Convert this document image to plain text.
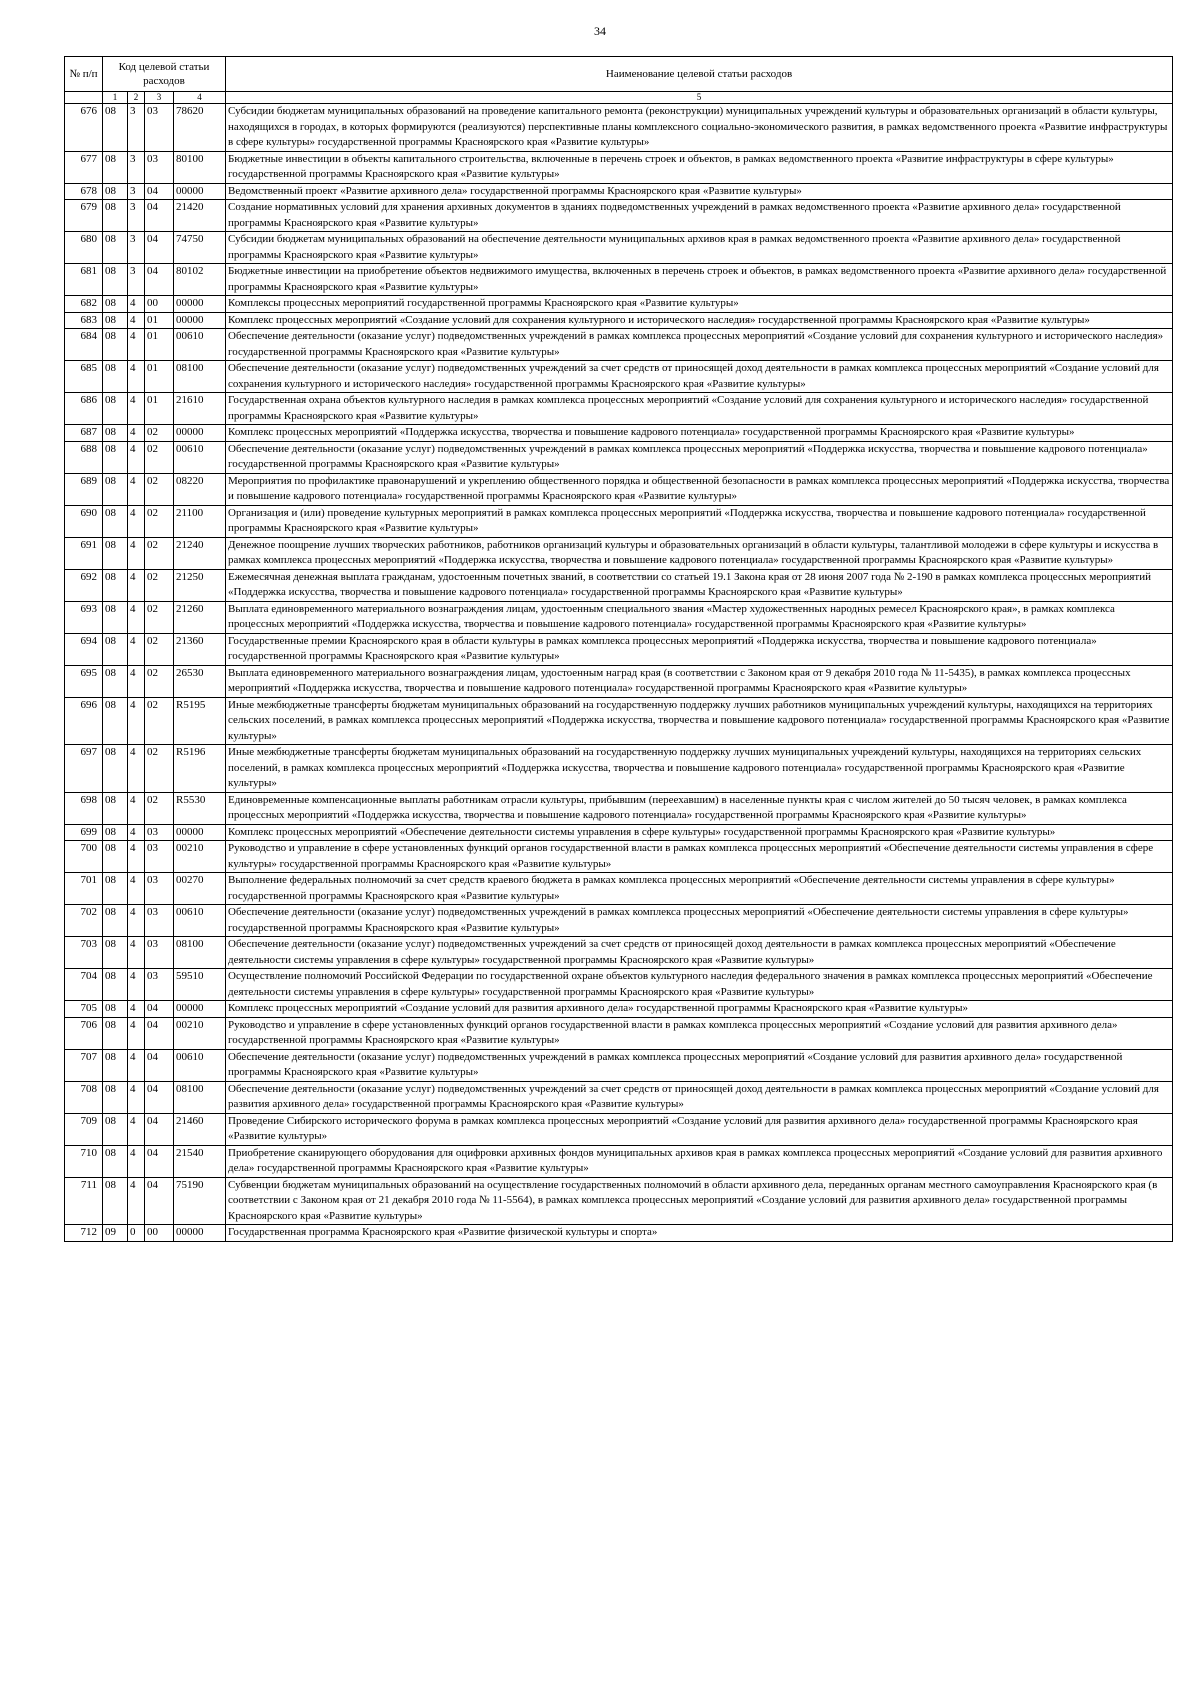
34
№ п/п	Код целевой статьи расходов				Наименование целевой статьи расходов
	1	2	3	4	5
676	08	3	03	78620	Субсидии бюджетам муниципальных образований на проведение капитального ремонта (реконструкции) муниципальных учреждений культуры и образовательных организаций в области культуры, находящихся в городах, в которых формируются (реализуются) перспективные планы комплексного социально-экономического развития, в рамках ведомственного проекта «Развитие инфраструктуры в сфере культуры» государственной программы Красноярского края «Развитие культуры»
677	08	3	03	80100	Бюджетные инвестиции в объекты капитального строительства, включенные в перечень строек и объектов, в рамках ведомственного проекта «Развитие инфраструктуры в сфере культуры» государственной программы Красноярского края «Развитие культуры»
678	08	3	04	00000	Ведомственный проект «Развитие архивного дела» государственной программы Красноярского края «Развитие культуры»
679	08	3	04	21420	Создание нормативных условий для хранения архивных документов в зданиях подведомственных учреждений в рамках ведомственного проекта «Развитие архивного дела» государственной программы Красноярского края «Развитие культуры»
680	08	3	04	74750	Субсидии бюджетам муниципальных образований на обеспечение деятельности муниципальных архивов края в рамках ведомственного проекта «Развитие архивного дела» государственной программы Красноярского края «Развитие культуры»
681	08	3	04	80102	Бюджетные инвестиции на приобретение объектов недвижимого имущества, включенных в перечень строек и объектов, в рамках ведомственного проекта «Развитие архивного дела» государственной программы Красноярского края «Развитие культуры»
682	08	4	00	00000	Комплексы процессных мероприятий государственной программы Красноярского края «Развитие культуры»
683	08	4	01	00000	Комплекс процессных мероприятий «Создание условий для сохранения культурного и исторического наследия» государственной программы Красноярского края «Развитие культуры»
684	08	4	01	00610	Обеспечение деятельности (оказание услуг) подведомственных учреждений в рамках комплекса процессных мероприятий «Создание условий для сохранения культурного и исторического наследия» государственной программы Красноярского края «Развитие культуры»
685	08	4	01	08100	Обеспечение деятельности (оказание услуг) подведомственных учреждений за счет средств от приносящей доход деятельности в рамках комплекса процессных мероприятий «Создание условий для сохранения культурного и исторического наследия» государственной программы Красноярского края «Развитие культуры»
686	08	4	01	21610	Государственная охрана объектов культурного наследия в рамках комплекса процессных мероприятий «Создание условий для сохранения культурного и исторического наследия» государственной программы Красноярского края «Развитие культуры»
687	08	4	02	00000	Комплекс процессных мероприятий «Поддержка искусства, творчества и повышение кадрового потенциала» государственной программы Красноярского края «Развитие культуры»
688	08	4	02	00610	Обеспечение деятельности (оказание услуг) подведомственных учреждений в рамках комплекса процессных мероприятий «Поддержка искусства, творчества и повышение кадрового потенциала» государственной программы Красноярского края «Развитие культуры»
689	08	4	02	08220	Мероприятия по профилактике правонарушений и укреплению общественного порядка и общественной безопасности в рамках комплекса процессных мероприятий «Поддержка искусства, творчества и повышение кадрового потенциала» государственной программы Красноярского края «Развитие культуры»
690	08	4	02	21100	Организация и (или) проведение культурных мероприятий в рамках комплекса процессных мероприятий «Поддержка искусства, творчества и повышение кадрового потенциала» государственной программы Красноярского края «Развитие культуры»
691	08	4	02	21240	Денежное поощрение лучших творческих работников, работников организаций культуры и образовательных организаций в области культуры, талантливой молодежи в сфере культуры и искусства в рамках комплекса процессных мероприятий «Поддержка искусства, творчества и повышение кадрового потенциала» государственной программы Красноярского края «Развитие культуры»
692	08	4	02	21250	Ежемесячная денежная выплата гражданам, удостоенным почетных званий, в соответствии со статьей 19.1 Закона края от 28 июня 2007 года № 2-190 в рамках комплекса процессных мероприятий «Поддержка искусства, творчества и повышение кадрового потенциала» государственной программы Красноярского края «Развитие культуры»
693	08	4	02	21260	Выплата единовременного материального вознаграждения лицам, удостоенным специального звания «Мастер художественных народных ремесел Красноярского края», в рамках комплекса процессных мероприятий «Поддержка искусства, творчества и повышение кадрового потенциала» государственной программы Красноярского края «Развитие культуры»
694	08	4	02	21360	Государственные премии Красноярского края в области культуры в рамках комплекса процессных мероприятий «Поддержка искусства, творчества и повышение кадрового потенциала» государственной программы Красноярского края «Развитие культуры»
695	08	4	02	26530	Выплата единовременного материального вознаграждения лицам, удостоенным наград края (в соответствии с Законом края от 9 декабря 2010 года № 11-5435), в рамках комплекса процессных мероприятий «Поддержка искусства, творчества и повышение кадрового потенциала» государственной программы Красноярского края «Развитие культуры»
696	08	4	02	R5195	Иные межбюджетные трансферты бюджетам муниципальных образований на государственную поддержку лучших работников муниципальных учреждений культуры, находящихся на территориях сельских поселений, в рамках комплекса процессных мероприятий «Поддержка искусства, творчества и повышение кадрового потенциала» государственной программы Красноярского края «Развитие культуры»
697	08	4	02	R5196	Иные межбюджетные трансферты бюджетам муниципальных образований на государственную поддержку лучших муниципальных учреждений культуры, находящихся на территориях сельских поселений, в рамках комплекса процессных мероприятий «Поддержка искусства, творчества и повышение кадрового потенциала» государственной программы Красноярского края «Развитие культуры»
698	08	4	02	R5530	Единовременные компенсационные выплаты работникам отрасли культуры, прибывшим (переехавшим) в населенные пункты края с числом жителей до 50 тысяч человек, в рамках комплекса процессных мероприятий «Поддержка искусства, творчества и повышение кадрового потенциала» государственной программы Красноярского края «Развитие культуры»
699	08	4	03	00000	Комплекс процессных мероприятий «Обеспечение деятельности системы управления в сфере культуры» государственной программы Красноярского края «Развитие культуры»
700	08	4	03	00210	Руководство и управление в сфере установленных функций органов государственной власти в рамках комплекса процессных мероприятий «Обеспечение деятельности системы управления в сфере культуры» государственной программы Красноярского края «Развитие культуры»
701	08	4	03	00270	Выполнение федеральных полномочий за счет средств краевого бюджета в рамках комплекса процессных мероприятий «Обеспечение деятельности системы управления в сфере культуры» государственной программы Красноярского края «Развитие культуры»
702	08	4	03	00610	Обеспечение деятельности (оказание услуг) подведомственных учреждений в рамках комплекса процессных мероприятий «Обеспечение деятельности системы управления в сфере культуры» государственной программы Красноярского края «Развитие культуры»
703	08	4	03	08100	Обеспечение деятельности (оказание услуг) подведомственных учреждений за счет средств от приносящей доход деятельности в рамках комплекса процессных мероприятий «Обеспечение деятельности системы управления в сфере культуры» государственной программы Красноярского края «Развитие культуры»
704	08	4	03	59510	Осуществление полномочий Российской Федерации по государственной охране объектов культурного наследия федерального значения в рамках комплекса процессных мероприятий «Обеспечение деятельности системы управления в сфере культуры» государственной программы Красноярского края «Развитие культуры»
705	08	4	04	00000	Комплекс процессных мероприятий «Создание условий для развития архивного дела» государственной программы Красноярского края «Развитие культуры»
706	08	4	04	00210	Руководство и управление в сфере установленных функций органов государственной власти в рамках комплекса процессных мероприятий «Создание условий для развития архивного дела» государственной программы Красноярского края «Развитие культуры»
707	08	4	04	00610	Обеспечение деятельности (оказание услуг) подведомственных учреждений в рамках комплекса процессных мероприятий «Создание условий для развития архивного дела» государственной программы Красноярского края «Развитие культуры»
708	08	4	04	08100	Обеспечение деятельности (оказание услуг) подведомственных учреждений за счет средств от приносящей доход деятельности в рамках комплекса процессных мероприятий «Создание условий для развития архивного дела» государственной программы Красноярского края «Развитие культуры»
709	08	4	04	21460	Проведение Сибирского исторического форума в рамках комплекса процессных мероприятий «Создание условий для развития архивного дела» государственной программы Красноярского края «Развитие культуры»
710	08	4	04	21540	Приобретение сканирующего оборудования для оцифровки архивных фондов муниципальных архивов края в рамках комплекса процессных мероприятий «Создание условий для развития архивного дела» государственной программы Красноярского края «Развитие культуры»
711	08	4	04	75190	Субвенции бюджетам муниципальных образований на осуществление государственных полномочий в области архивного дела, переданных органам местного самоуправления Красноярского края (в соответствии с Законом края от 21 декабря 2010 года № 11-5564), в рамках комплекса процессных мероприятий «Создание условий для развития архивного дела» государственной программы Красноярского края «Развитие культуры»
712	09	0	00	00000	Государственная программа Красноярского края «Развитие физической культуры и спорта»
